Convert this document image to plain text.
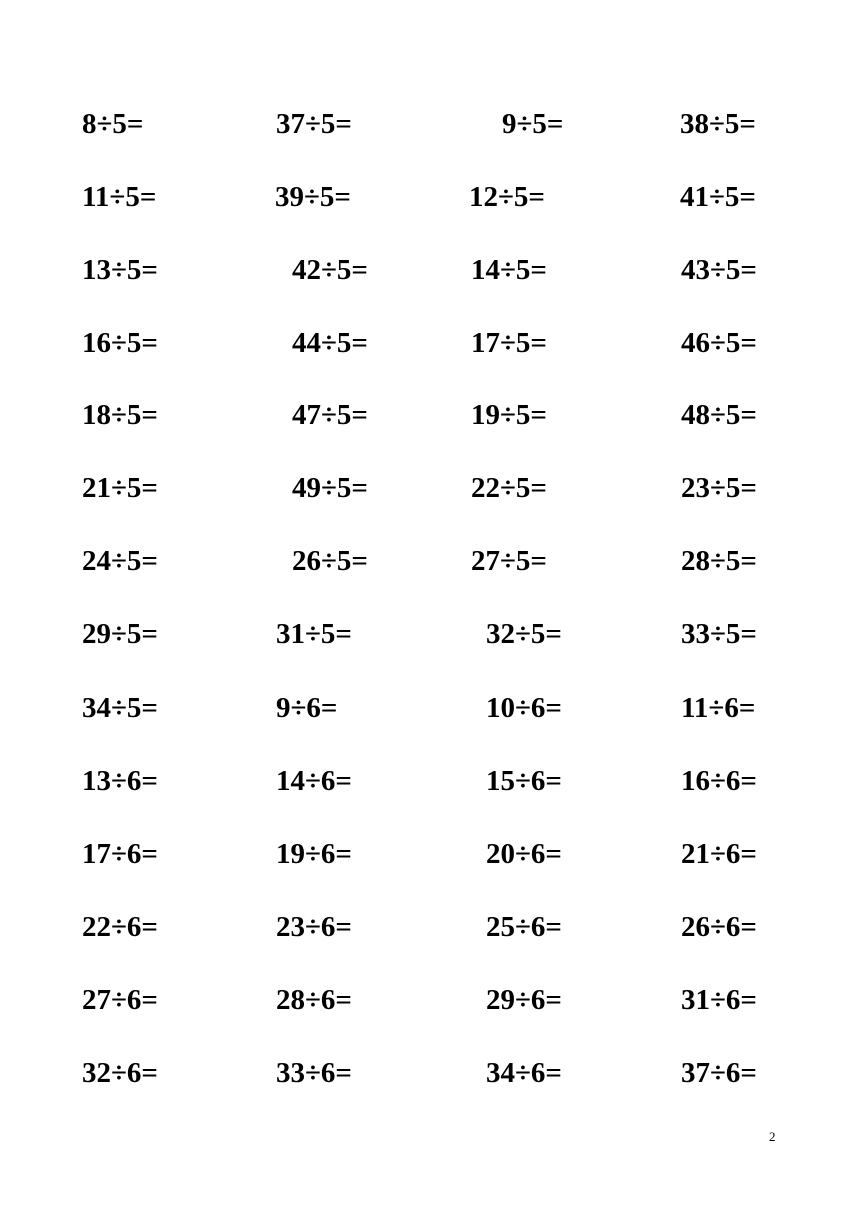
8÷5=	37÷5=	9÷5=	38÷5=
11÷5=	39÷5=	12÷5=	41÷5=
13÷5=	42÷5=	14÷5=	43÷5=
16÷5=	44÷5=	17÷5=	46÷5=
18÷5=	47÷5=	19÷5=	48÷5=
21÷5=	49÷5=	22÷5=	23÷5=
24÷5=	26÷5=	27÷5=	28÷5=
29÷5=	31÷5=	32÷5=	33÷5=
34÷5=	9÷6=	10÷6=	11÷6=
13÷6=	14÷6=	15÷6=	16÷6=
17÷6=	19÷6=	20÷6=	21÷6=
22÷6=	23÷6=	25÷6=	26÷6=
27÷6=	28÷6=	29÷6=	31÷6=
32÷6=	33÷6=	34÷6=	37÷6=
2
